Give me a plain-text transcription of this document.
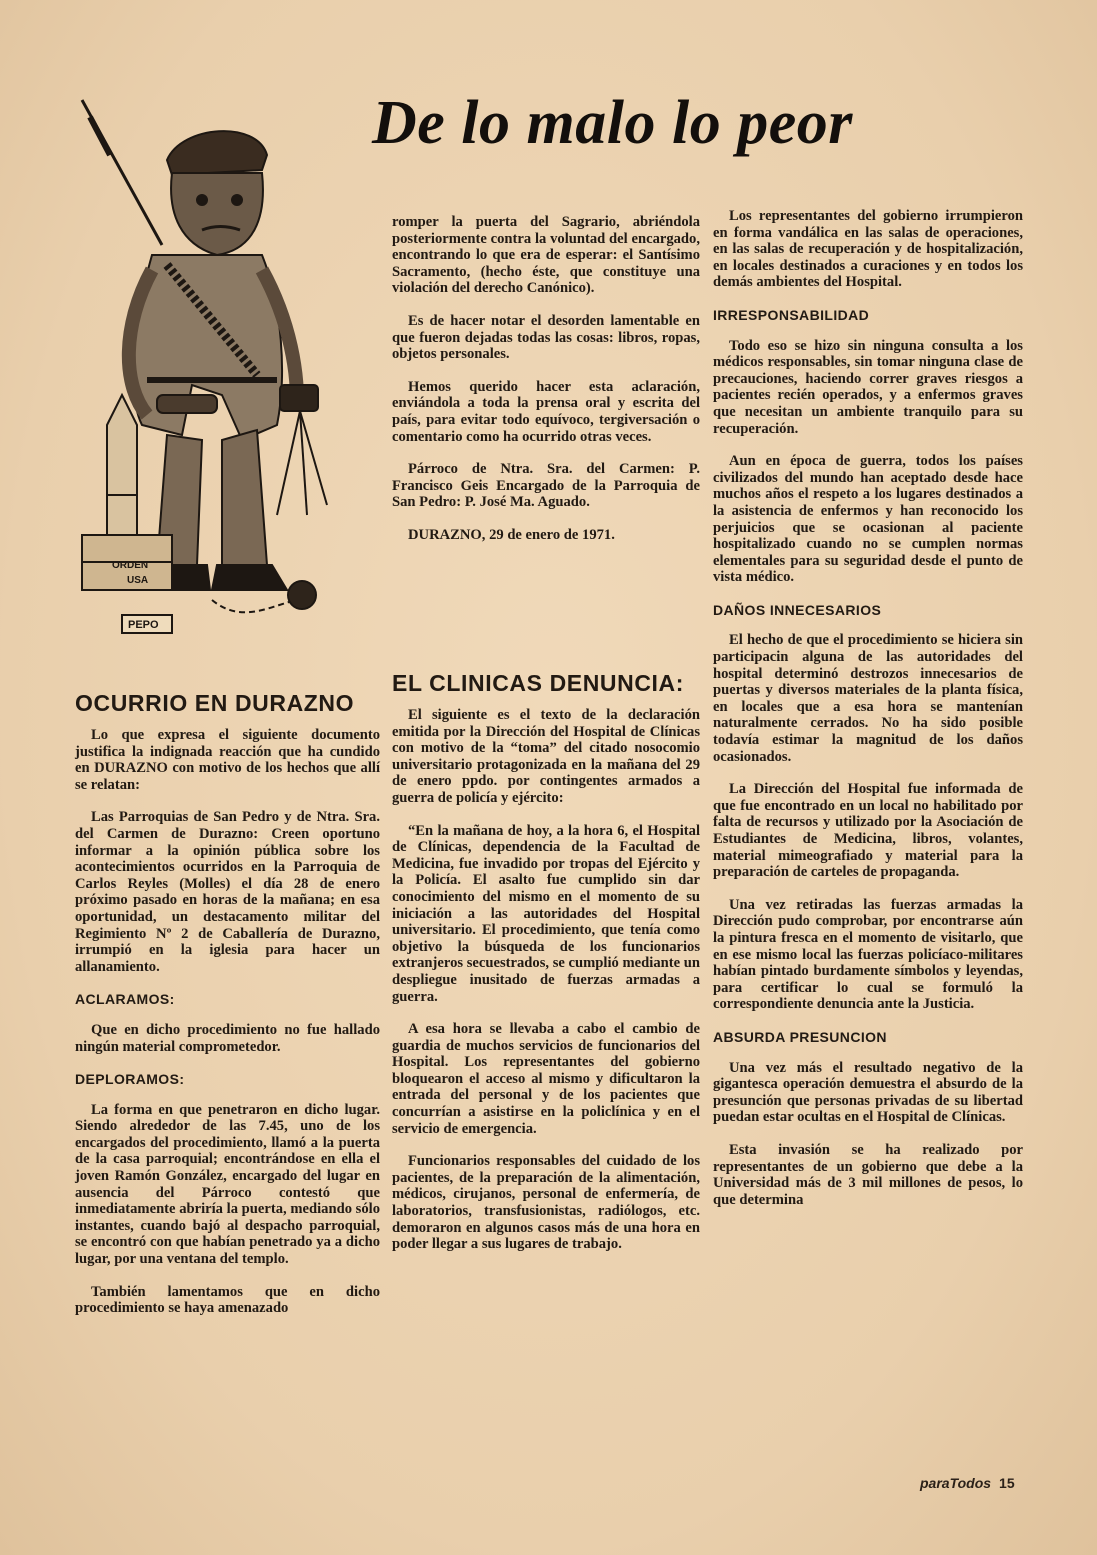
De lo malo lo peor
ORDEN
USA
PEPO
OCURRIO EN DURAZNO

Lo que expresa el siguiente documento justifica la indignada reacción que ha cundido en DURAZNO con motivo de los hechos que allí se relatan:

Las Parroquias de San Pedro y de Ntra. Sra. del Carmen de Durazno: Creen oportuno informar a la opinión pública sobre los acontecimientos ocurridos en la Parroquia de Carlos Reyles (Molles) el día 28 de enero próximo pasado en horas de la mañana; en esa oportunidad, un destacamento militar del Regimiento Nº 2 de Caballería de Durazno, irrumpió en la iglesia para hacer un allanamiento.

ACLARAMOS:

Que en dicho procedimiento no fue hallado ningún material comprometedor.

DEPLORAMOS:

La forma en que penetraron en dicho lugar. Siendo alrededor de las 7.45, uno de los encargados del procedimiento, llamó a la puerta de la casa parroquial; encontrándose en ella el joven Ramón González, encargado del lugar en ausencia del Párroco contestó que inmediatamente abriría la puerta, mediando sólo instantes, cuando bajó al despacho parroquial, se encontró con que habían penetrado ya a dicho lugar, por una ventana del templo.

También lamentamos que en dicho procedimiento se haya amenazado

romper la puerta del Sagrario, abriéndola posteriormente contra la voluntad del encargado, encontrando lo que era de esperar: el Santísimo Sacramento, (hecho éste, que constituye una violación del derecho Canónico).

Es de hacer notar el desorden lamentable en que fueron dejadas todas las cosas: libros, ropas, objetos personales.

Hemos querido hacer esta aclaración, enviándola a toda la prensa oral y escrita del país, para evitar todo equívoco, tergiversación o comentario como ha ocurrido otras veces.

Párroco de Ntra. Sra. del Carmen: P. Francisco Geis Encargado de la Parroquia de San Pedro: P. José Ma. Aguado.

DURAZNO, 29 de enero de 1971.

EL CLINICAS DENUNCIA:

El siguiente es el texto de la declaración emitida por la Dirección del Hospital de Clínicas con motivo de la “toma” del citado nosocomio universitario protagonizada en la mañana del 29 de enero ppdo. por contingentes armados a guerra de policía y ejército:

“En la mañana de hoy, a la hora 6, el Hospital de Clínicas, dependencia de la Facultad de Medicina, fue invadido por tropas del Ejército y la Policía. El asalto fue cumplido sin dar conocimiento del mismo en el momento de su iniciación a las autoridades del Hospital universitario. El procedimiento, que tenía como objetivo la búsqueda de los funcionarios extranjeros secuestrados, se cumplió mediante un despliegue inusitado de fuerzas armadas a guerra.

A esa hora se llevaba a cabo el cambio de guardia de muchos servicios de funcionarios del Hospital. Los representantes del gobierno bloquearon el acceso al mismo y dificultaron la entrada del personal y de los pacientes que concurrían a asistirse en la policlínica y en el servicio de emergencia.

Funcionarios responsables del cuidado de los pacientes, de la preparación de la alimentación, médicos, cirujanos, personal de enfermería, de laboratorios, transfusionistas, radiólogos, etc. demoraron en algunos casos más de una hora en poder llegar a sus lugares de trabajo.

Los representantes del gobierno irrumpieron en forma vandálica en las salas de operaciones, en las salas de recuperación y de hospitalización, en locales destinados a curaciones y en todos los demás ambientes del Hospital.

IRRESPONSABILIDAD

Todo eso se hizo sin ninguna consulta a los médicos responsables, sin tomar ninguna clase de precauciones, haciendo correr graves riesgos a pacientes recién operados, y a enfermos graves que necesitan un ambiente tranquilo para su recuperación.

Aun en época de guerra, todos los países civilizados del mundo han aceptado desde hace muchos años el respeto a los lugares destinados a la asistencia de enfermos y han reconocido los perjuicios que se ocasionan al paciente hospitalizado cuando no se cumplen normas elementales para su seguridad desde el punto de vista médico.

DAÑOS INNECESARIOS

El hecho de que el procedimiento se hiciera sin participacin alguna de las autoridades del hospital determinó destrozos innecesarios de puertas y diversos materiales de la planta física, en locales que a esa hora se mantenían naturalmente cerrados. No ha sido posible todavía estimar la magnitud de los daños ocasionados.

La Dirección del Hospital fue informada de que fue encontrado en un local no habilitado por falta de recursos y utilizado por la Asociación de Estudiantes de Medicina, libros, volantes, material mimeografiado y material para la preparación de carteles de propaganda.

Una vez retiradas las fuerzas armadas la Dirección pudo comprobar, por encontrarse aún la pintura fresca en el momento de visitarlo, que en ese mismo local las fuerzas policíaco-militares habían pintado burdamente símbolos y leyendas, para certificar lo cual se formuló la correspondiente denuncia ante la Justicia.

ABSURDA PRESUNCION

Una vez más el resultado negativo de la gigantesca operación demuestra el absurdo de la presunción que personas privadas de su libertad puedan estar ocultas en el Hospital de Clínicas.

Esta invasión se ha realizado por representantes de un gobierno que debe a la Universidad más de 3 mil millones de pesos, lo que determina

paraTodos 15
